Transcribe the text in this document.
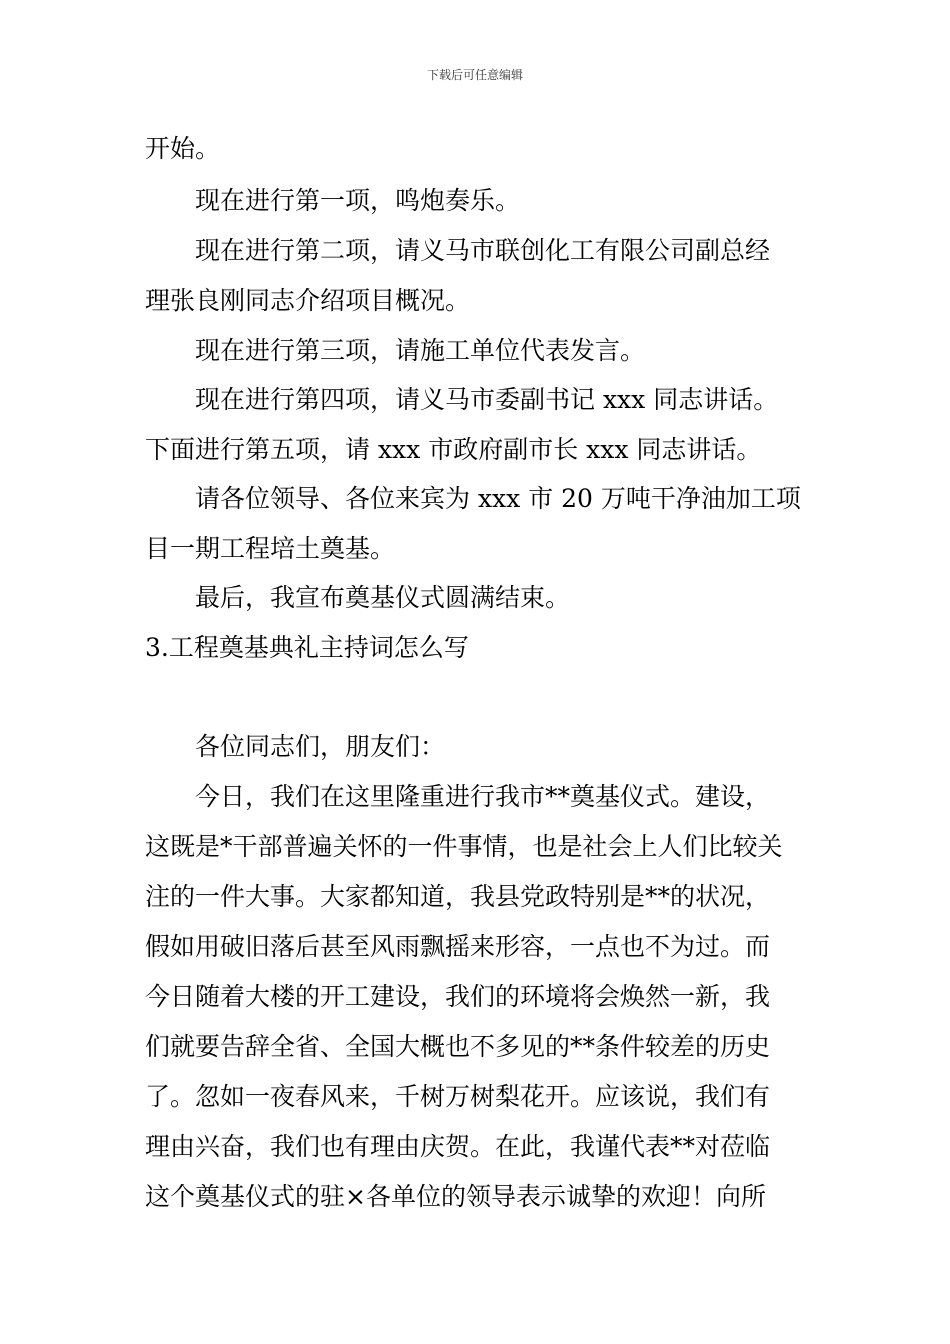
下载后可任意编辑
开始。
现在进行第一项，鸣炮奏乐。
现在进行第二项，请义马市联创化工有限公司副总经
理张良刚同志介绍项目概况。
现在进行第三项，请施工单位代表发言。
现在进行第四项，请义马市委副书记 xxx 同志讲话。
下面进行第五项，请 xxx 市政府副市长 xxx 同志讲话。
请各位领导、各位来宾为 xxx 市 20 万吨干净油加工项
目一期工程培土奠基。
最后，我宣布奠基仪式圆满结束。
3.工程奠基典礼主持词怎么写
各位同志们，朋友们：
今日，我们在这里隆重进行我市**奠基仪式。建设，
这既是*干部普遍关怀的一件事情，也是社会上人们比较关
注的一件大事。大家都知道，我县党政特别是**的状况，
假如用破旧落后甚至风雨飘摇来形容，一点也不为过。而
今日随着大楼的开工建设，我们的环境将会焕然一新，我
们就要告辞全省、全国大概也不多见的**条件较差的历史
了。忽如一夜春风来，千树万树梨花开。应该说，我们有
理由兴奋，我们也有理由庆贺。在此，我谨代表**对莅临
这个奠基仪式的驻×各单位的领导表示诚挚的欢迎！向所
